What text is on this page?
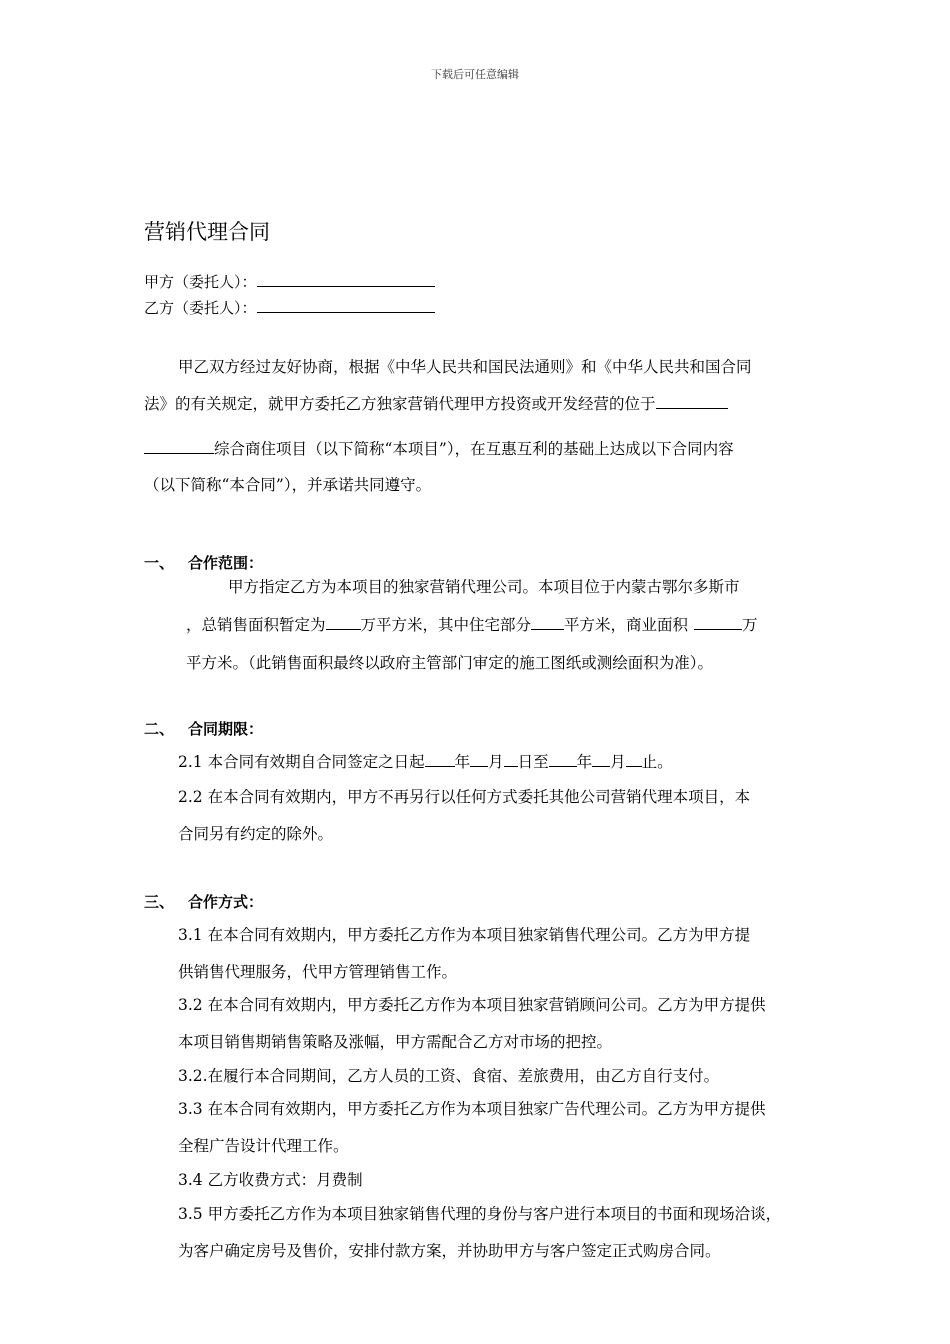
下载后可任意编辑
营销代理合同
甲方（委托人）：
乙方（委托人）：
甲乙双方经过友好协商，根据《中华人民共和国民法通则》和《中华人民共和国合同
法》的有关规定，就甲方委托乙方独家营销代理甲方投资或开发经营的位于
综合商住项目（以下简称“本项目”），在互惠互利的基础上达成以下合同内容
（以下简称“本合同”），并承诺共同遵守。
一、 合作范围：
甲方指定乙方为本项目的独家营销代理公司。本项目位于内蒙古鄂尔多斯市
，总销售面积暂定为 万平方米，其中住宅部分 平方米，商业面积	万
平方米。（此销售面积最终以政府主管部门审定的施工图纸或测绘面积为准）。
二、 合同期限：
2.1 本合同有效期自合同签定之日起 年 月 日至 年 月 止。
2.2 在本合同有效期内，甲方不再另行以任何方式委托其他公司营销代理本项目，本
合同另有约定的除外。
三、 合作方式：
3.1 在本合同有效期内，甲方委托乙方作为本项目独家销售代理公司。乙方为甲方提
供销售代理服务，代甲方管理销售工作。
3.2 在本合同有效期内，甲方委托乙方作为本项目独家营销顾问公司。乙方为甲方提供
本项目销售期销售策略及涨幅，甲方需配合乙方对市场的把控。
3.2.在履行本合同期间，乙方人员的工资、食宿、差旅费用，由乙方自行支付。
3.3 在本合同有效期内，甲方委托乙方作为本项目独家广告代理公司。乙方为甲方提供
全程广告设计代理工作。
3.4 乙方收费方式：月费制
3.5 甲方委托乙方作为本项目独家销售代理的身份与客户进行本项目的书面和现场洽谈，
为客户确定房号及售价，安排付款方案，并协助甲方与客户签定正式购房合同。
